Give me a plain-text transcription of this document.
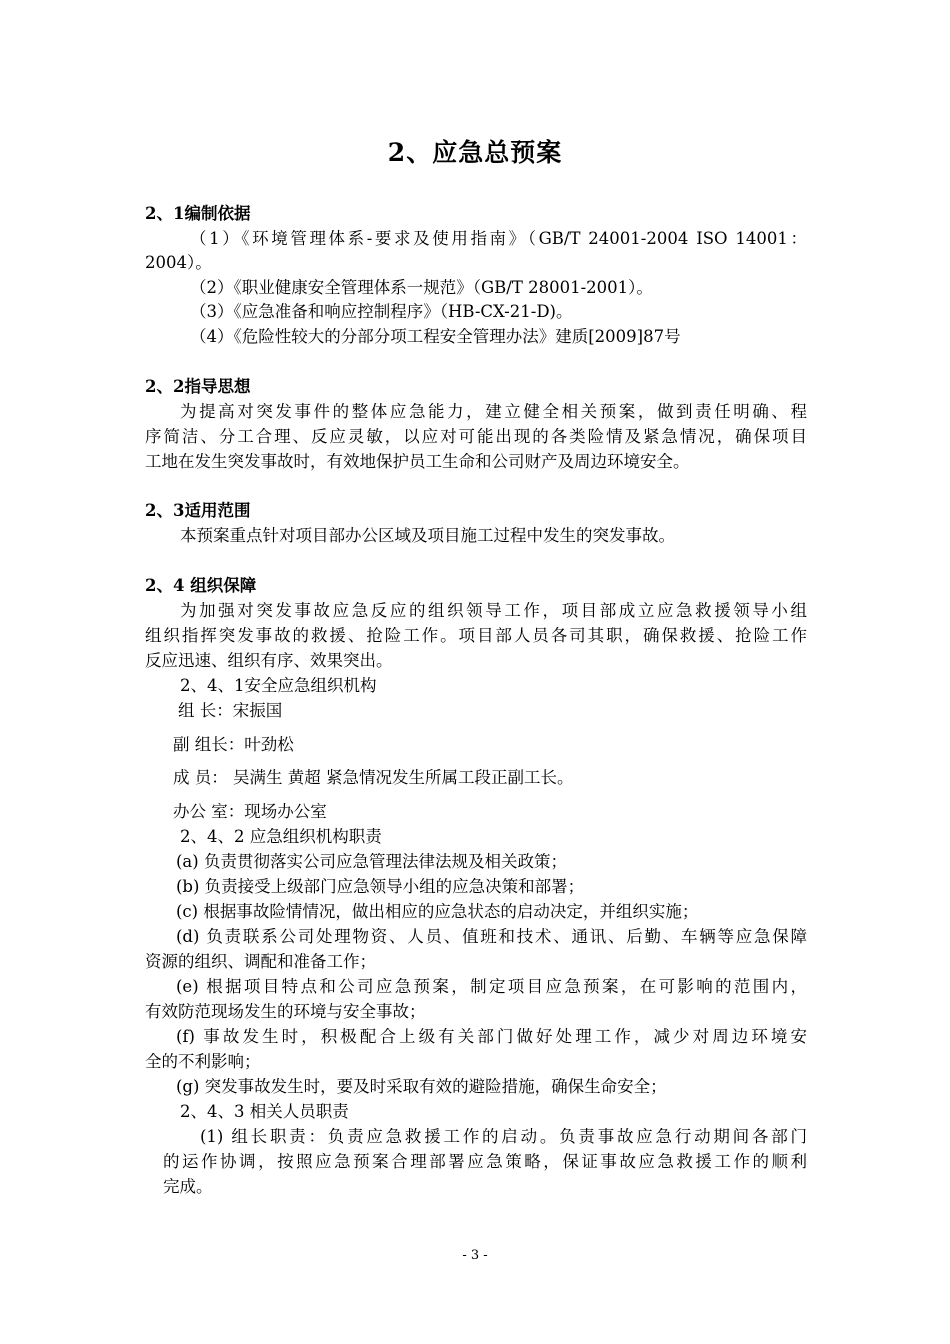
2、应急总预案
2、1编制依据
（1）《环境管理体系-要求及使用指南》（GB/T 24001-2004 ISO 14001：
2004）。
（2）《职业健康安全管理体系一规范》（GB/T 28001-2001）。
（3）《应急准备和响应控制程序》（HB-CX-21-D)。
（4）《危险性较大的分部分项工程安全管理办法》建质[2009]87号
2、2指导思想
为提高对突发事件的整体应急能力，建立健全相关预案，做到责任明确、程
序简洁、分工合理、反应灵敏，以应对可能出现的各类险情及紧急情况，确保项目
工地在发生突发事故时，有效地保护员工生命和公司财产及周边环境安全。
2、3适用范围
本预案重点针对项目部办公区域及项目施工过程中发生的突发事故。
2、4 组织保障
为加强对突发事故应急反应的组织领导工作，项目部成立应急救援领导小组
组织指挥突发事故的救援、抢险工作。项目部人员各司其职，确保救援、抢险工作
反应迅速、组织有序、效果突出。
2、4、1安全应急组织机构
组 长：宋振国
副 组长：叶劲松
成 员： 吴满生 黄超 紧急情况发生所属工段正副工长。
办公 室：现场办公室
2、4、2 应急组织机构职责
(a) 负责贯彻落实公司应急管理法律法规及相关政策；
(b) 负责接受上级部门应急领导小组的应急决策和部署；
(c) 根据事故险情情况，做出相应的应急状态的启动决定，并组织实施；
(d) 负责联系公司处理物资、人员、值班和技术、通讯、后勤、车辆等应急保障
资源的组织、调配和准备工作；
(e) 根据项目特点和公司应急预案，制定项目应急预案，在可影响的范围内，
有效防范现场发生的环境与安全事故；
(f) 事故发生时，积极配合上级有关部门做好处理工作，减少对周边环境安
全的不利影响；
(g) 突发事故发生时，要及时采取有效的避险措施，确保生命安全；
2、4、3 相关人员职责
(1) 组长职责：负责应急救援工作的启动。负责事故应急行动期间各部门
的运作协调，按照应急预案合理部署应急策略，保证事故应急救援工作的顺利
完成。
- 3 -
